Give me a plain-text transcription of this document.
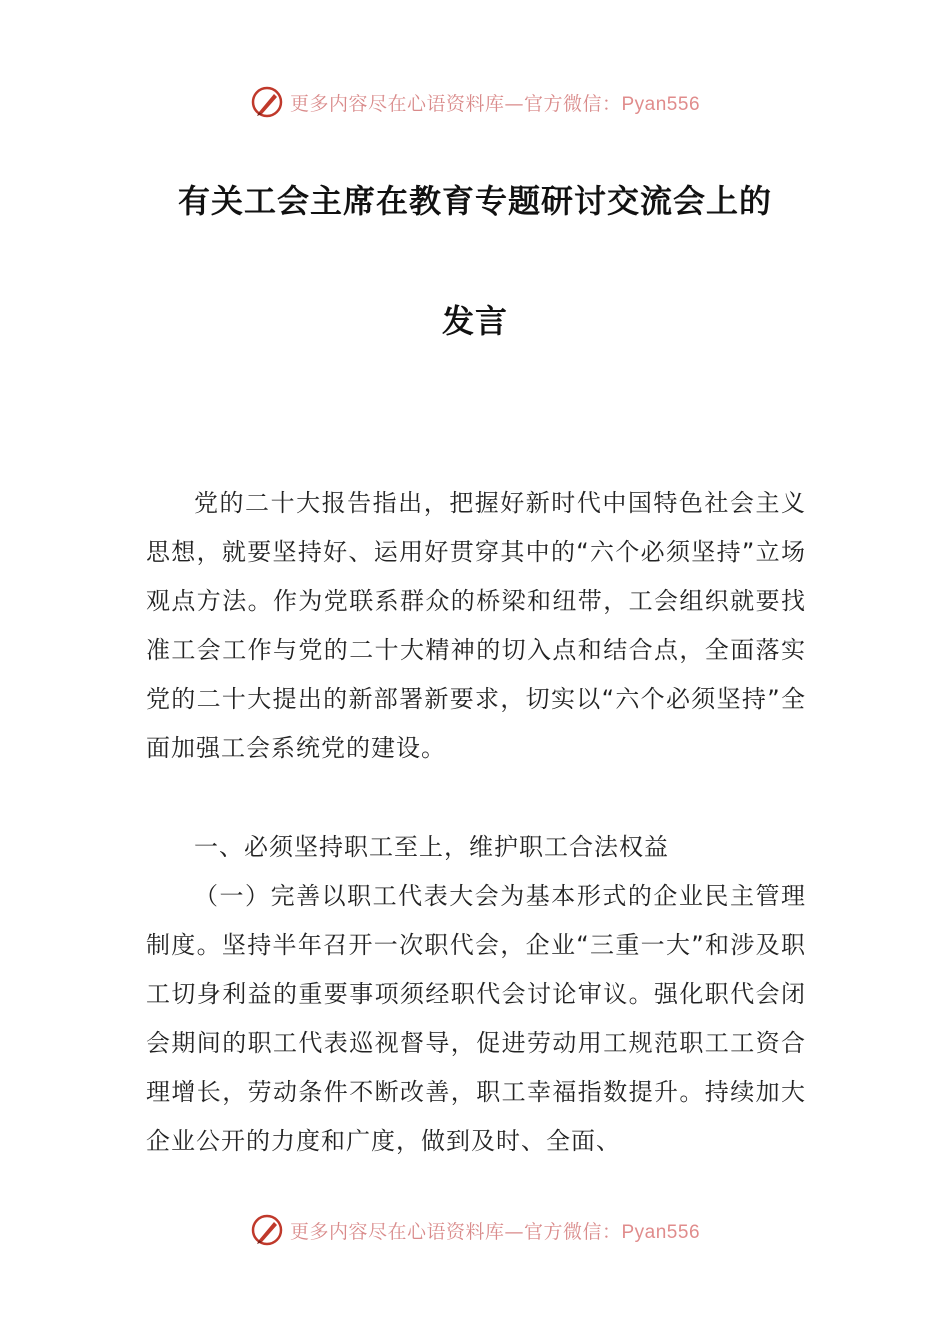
更多内容尽在心语资料库—官方微信：Pyan556
有关工会主席在教育专题研讨交流会上的
发言

党的二十大报告指出，把握好新时代中国特色社会主义思想，就要坚持好、运用好贯穿其中的“六个必须坚持”立场观点方法。作为党联系群众的桥梁和纽带，工会组织就要找准工会工作与党的二十大精神的切入点和结合点，全面落实党的二十大提出的新部署新要求，切实以“六个必须坚持”全面加强工会系统党的建设。

一、必须坚持职工至上，维护职工合法权益

（一）完善以职工代表大会为基本形式的企业民主管理制度。坚持半年召开一次职代会，企业“三重一大”和涉及职工切身利益的重要事项须经职代会讨论审议。强化职代会闭会期间的职工代表巡视督导，促进劳动用工规范职工工资合理增长，劳动条件不断改善，职工幸福指数提升。持续加大企业公开的力度和广度，做到及时、全面、

更多内容尽在心语资料库—官方微信：Pyan556
